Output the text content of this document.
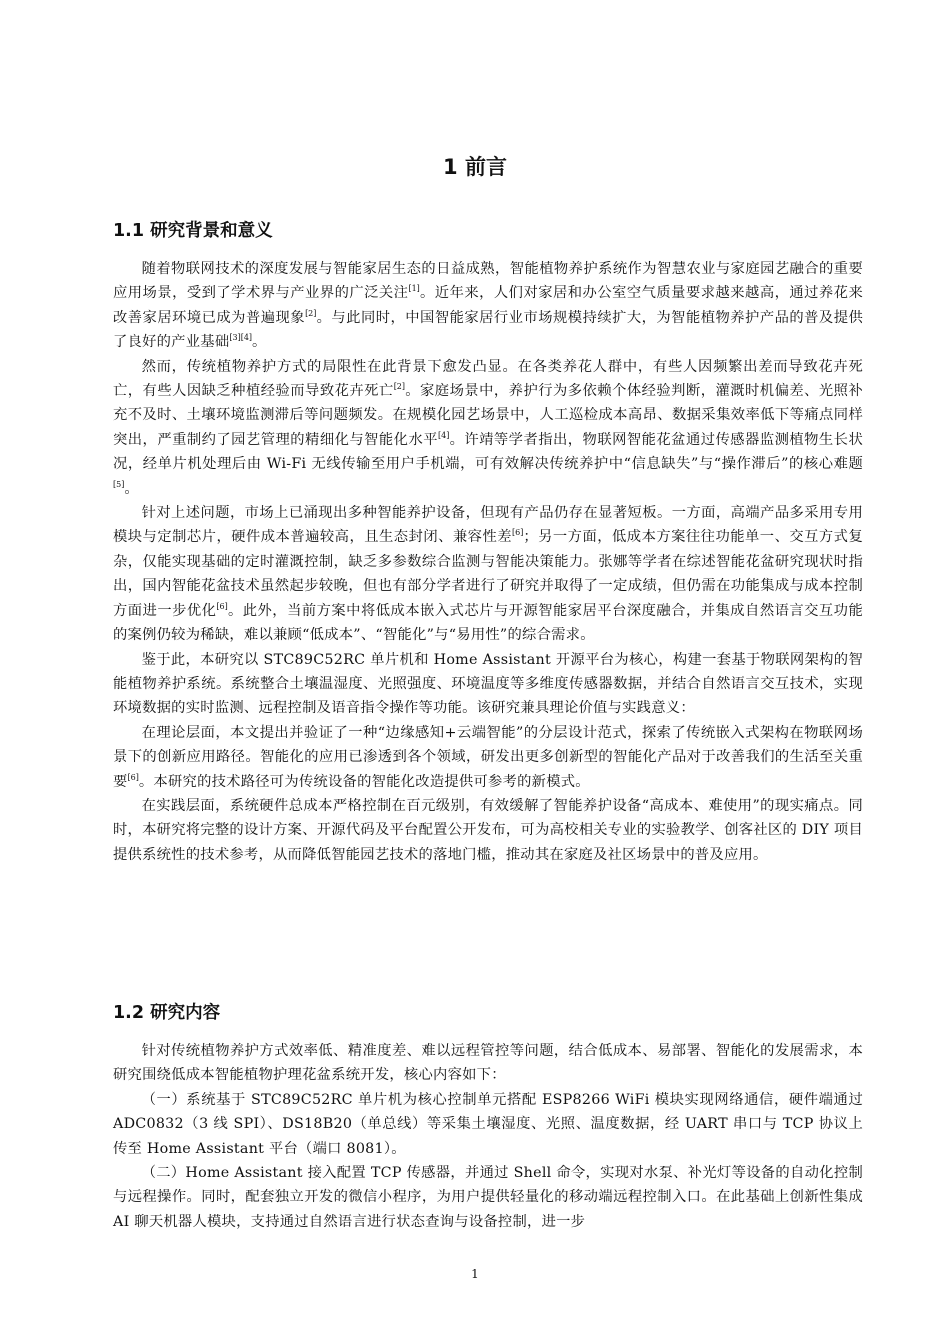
1 前言
1.1 研究背景和意义

随着物联网技术的深度发展与智能家居生态的日益成熟，智能植物养护系统作为智慧农业与家庭园艺融合的重要应用场景，受到了学术界与产业界的广泛关注[1]。近年来，人们对家居和办公室空气质量要求越来越高，通过养花来改善家居环境已成为普遍现象[2]。与此同时，中国智能家居行业市场规模持续扩大，为智能植物养护产品的普及提供了良好的产业基础[3][4]。

然而，传统植物养护方式的局限性在此背景下愈发凸显。在各类养花人群中，有些人因频繁出差而导致花卉死亡，有些人因缺乏种植经验而导致花卉死亡[2]。家庭场景中，养护行为多依赖个体经验判断，灌溉时机偏差、光照补充不及时、土壤环境监测滞后等问题频发。在规模化园艺场景中，人工巡检成本高昂、数据采集效率低下等痛点同样突出，严重制约了园艺管理的精细化与智能化水平[4]。许靖等学者指出，物联网智能花盆通过传感器监测植物生长状况，经单片机处理后由 Wi-Fi 无线传输至用户手机端，可有效解决传统养护中“信息缺失”与“操作滞后”的核心难题[5]。

针对上述问题，市场上已涌现出多种智能养护设备，但现有产品仍存在显著短板。一方面，高端产品多采用专用模块与定制芯片，硬件成本普遍较高，且生态封闭、兼容性差[6]；另一方面，低成本方案往往功能单一、交互方式复杂，仅能实现基础的定时灌溉控制，缺乏多参数综合监测与智能决策能力。张娜等学者在综述智能花盆研究现状时指出，国内智能花盆技术虽然起步较晚，但也有部分学者进行了研究并取得了一定成绩，但仍需在功能集成与成本控制方面进一步优化[6]。此外，当前方案中将低成本嵌入式芯片与开源智能家居平台深度融合，并集成自然语言交互功能的案例仍较为稀缺，难以兼顾“低成本”、“智能化”与“易用性”的综合需求。

鉴于此，本研究以 STC89C52RC 单片机和 Home Assistant 开源平台为核心，构建一套基于物联网架构的智能植物养护系统。系统整合土壤温湿度、光照强度、环境温度等多维度传感器数据，并结合自然语言交互技术，实现环境数据的实时监测、远程控制及语音指令操作等功能。该研究兼具理论价值与实践意义：

在理论层面，本文提出并验证了一种“边缘感知+云端智能”的分层设计范式，探索了传统嵌入式架构在物联网场景下的创新应用路径。智能化的应用已渗透到各个领域，研发出更多创新型的智能化产品对于改善我们的生活至关重要[6]。本研究的技术路径可为传统设备的智能化改造提供可参考的新模式。

在实践层面，系统硬件总成本严格控制在百元级别，有效缓解了智能养护设备“高成本、难使用”的现实痛点。同时，本研究将完整的设计方案、开源代码及平台配置公开发布，可为高校相关专业的实验教学、创客社区的 DIY 项目提供系统性的技术参考，从而降低智能园艺技术的落地门槛，推动其在家庭及社区场景中的普及应用。

1.2 研究内容

针对传统植物养护方式效率低、精准度差、难以远程管控等问题，结合低成本、易部署、智能化的发展需求，本研究围绕低成本智能植物护理花盆系统开发，核心内容如下：

（一）系统基于 STC89C52RC 单片机为核心控制单元搭配 ESP8266 WiFi 模块实现网络通信，硬件端通过 ADC0832（3 线 SPI）、DS18B20（单总线）等采集土壤湿度、光照、温度数据，经 UART 串口与 TCP 协议上传至 Home Assistant 平台（端口 8081）。

（二）Home Assistant 接入配置 TCP 传感器，并通过 Shell 命令，实现对水泵、补光灯等设备的自动化控制与远程操作。同时，配套独立开发的微信小程序，为用户提供轻量化的移动端远程控制入口。在此基础上创新性集成 AI 聊天机器人模块，支持通过自然语言进行状态查询与设备控制，进一步

1
